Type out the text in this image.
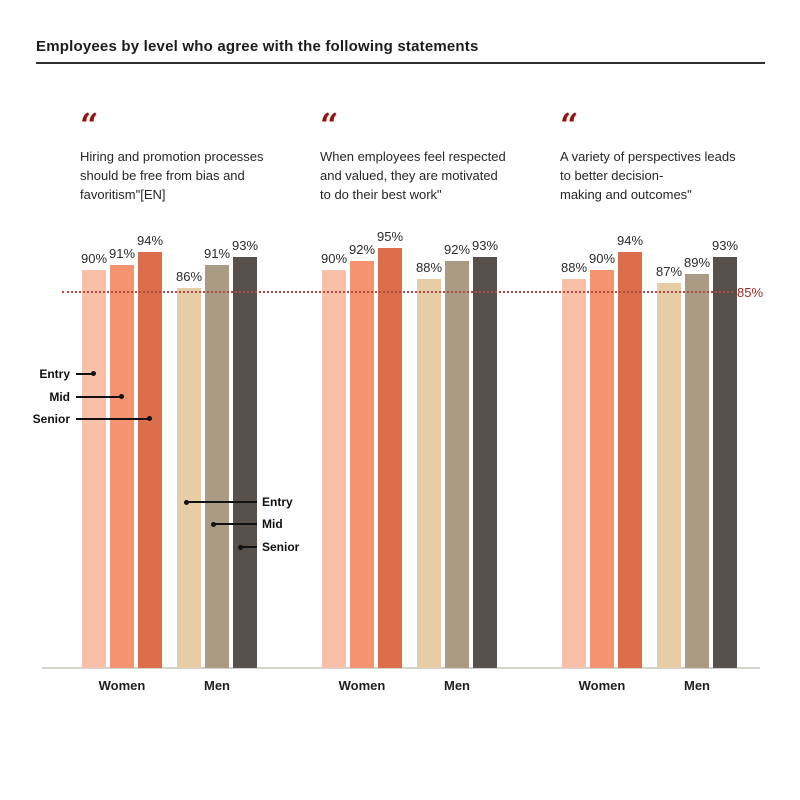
Employees by level who agree with the following statements
“
Hiring and promotion processes
should be free from bias and
favoritism"[EN]
“
When employees feel respected
and valued, they are motivated
to do their best work"
“
A variety of perspectives leads
to better decision-
making and outcomes"
85%
Entry
Mid
Senior
Entry
Mid
Senior
90%
86%
91%	91%
94%	93%
Women	Men
90%
88%
92%	92%
95%
93%
Women	Men
88%	87%
90%	89%
94%	93%
Women	Men
